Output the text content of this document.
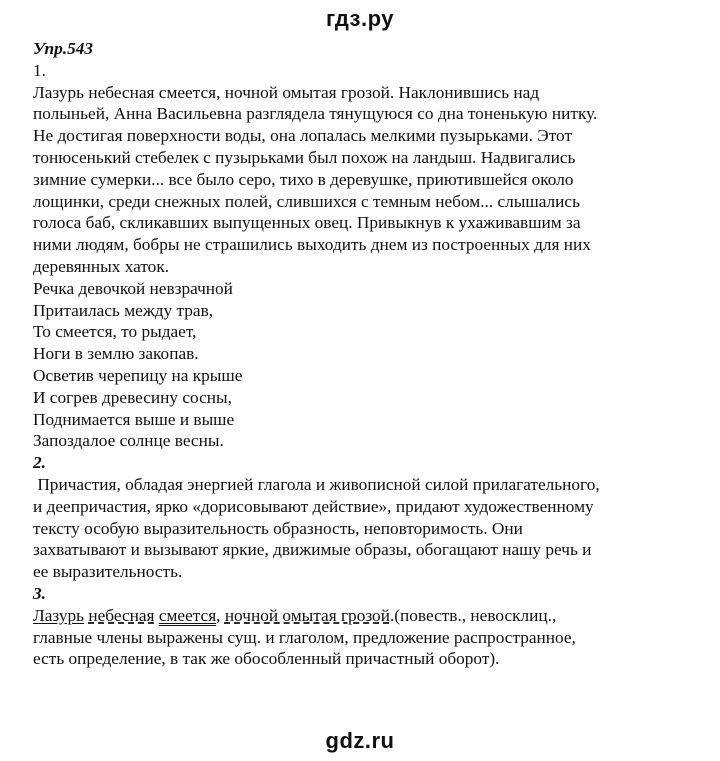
гдз.ру
Упр.543
1.
Лазурь небесная смеется, ночной омытая грозой. Наклонившись над
полыньей, Анна Васильевна разглядела тянущуюся со дна тоненькую нитку.
Не достигая поверхности воды, она лопалась мелкими пузырьками. Этот
тонюсенький стебелек с пузырьками был похож на ландыш. Надвигались
зимние сумерки... все было серо, тихо в деревушке, приютившейся около
лощинки, среди снежных полей, слившихся с темным небом... слышались
голоса баб, скликавших выпущенных овец. Привыкнув к ухаживавшим за
ними людям, бобры не страшились выходить днем из построенных для них
деревянных хаток.
Речка девочкой невзрачной
Притаилась между трав,
То смеется, то рыдает,
Ноги в землю закопав.
Осветив черепицу на крыше
И согрев древесину сосны,
Поднимается выше и выше
Запоздалое солнце весны.
2.
Причастия, обладая энергией глагола и живописной силой прилагательного,
и деепричастия, ярко «дорисовывают действие», придают художественному
тексту особую выразительность образность, неповторимость. Они
захватывают и вызывают яркие, движимые образы, обогащают нашу речь и
ее выразительность.
3.
Лазурь небесная смеется, ночной омытая грозой.(повеств., невосклиц.,
главные члены выражены сущ. и глаголом, предложение распространное,
есть определение, в так же обособленный причастный оборот).
gdz.ru
